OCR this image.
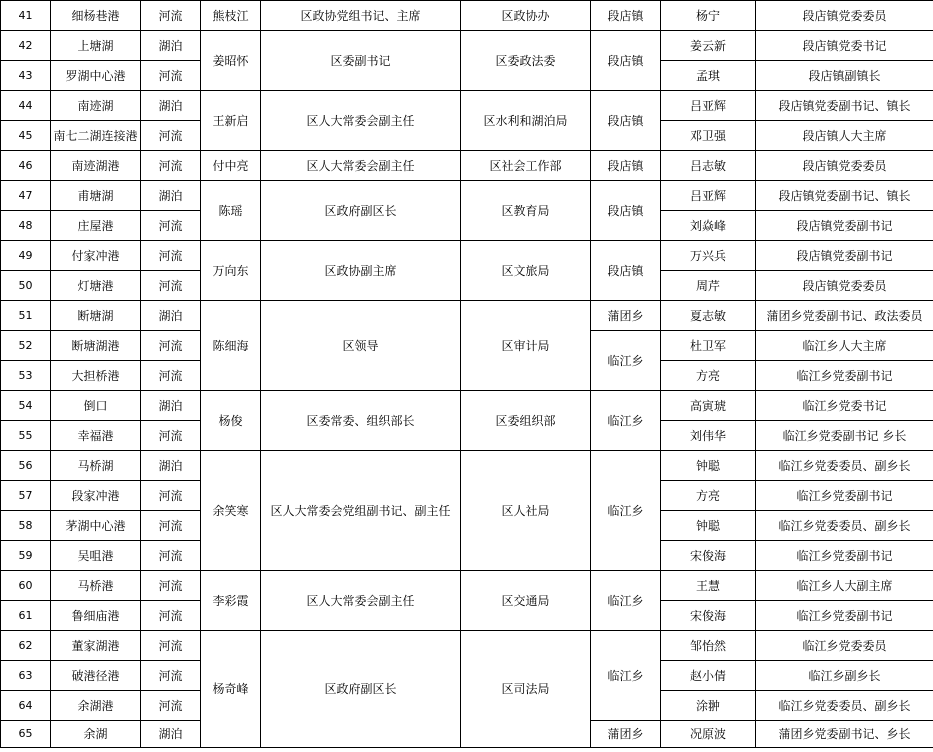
41	细杨巷港	河流	熊枝江	区政协党组书记、主席	区政协办	段店镇	杨宁	段店镇党委委员
42	上塘湖	湖泊	姜昭怀	区委副书记	区委政法委	段店镇	姜云新	段店镇党委书记
43	罗湖中心港	河流					孟琪	段店镇副镇长
44	南迹湖	湖泊	王新启	区人大常委会副主任	区水利和湖泊局	段店镇	吕亚辉	段店镇党委副书记、镇长
45	南七二湖连接港	河流					邓卫强	段店镇人大主席
46	南迹湖港	河流	付中亮	区人大常委会副主任	区社会工作部	段店镇	吕志敏	段店镇党委委员
47	甫塘湖	湖泊	陈瑶	区政府副区长	区教育局	段店镇	吕亚辉	段店镇党委副书记、镇长
48	庄屋港	河流					刘焱峰	段店镇党委副书记
49	付家冲港	河流	万向东	区政协副主席	区文旅局	段店镇	万兴兵	段店镇党委副书记
50	灯塘港	河流					周芹	段店镇党委委员
51	断塘湖	湖泊	陈细海	区领导	区审计局	蒲团乡	夏志敏	蒲团乡党委副书记、政法委员
52	断塘湖港	河流				临江乡	杜卫军	临江乡人大主席
53	大担桥港	河流					方亮	临江乡党委副书记
54	倒口	湖泊	杨俊	区委常委、组织部长	区委组织部	临江乡	高寅琥	临江乡党委书记
55	幸福港	河流					刘伟华	临江乡党委副书记 乡长
56	马桥湖	湖泊	余笑寒	区人大常委会党组副书记、副主任	区人社局	临江乡	钟聪	临江乡党委委员、副乡长
57	段家冲港	河流					方亮	临江乡党委副书记
58	茅湖中心港	河流					钟聪	临江乡党委委员、副乡长
59	吴咀港	河流					宋俊海	临江乡党委副书记
60	马桥港	河流	李彩霞	区人大常委会副主任	区交通局	临江乡	王慧	临江乡人大副主席
61	鲁细庙港	河流					宋俊海	临江乡党委副书记
62	董家湖港	河流	杨奇峰	区政府副区长	区司法局	临江乡	邹怡然	临江乡党委委员
63	破港径港	河流					赵小倩	临江乡副乡长
64	余湖港	河流					涂翀	临江乡党委委员、副乡长
65	余湖	湖泊				蒲团乡	况原波	蒲团乡党委副书记、乡长
